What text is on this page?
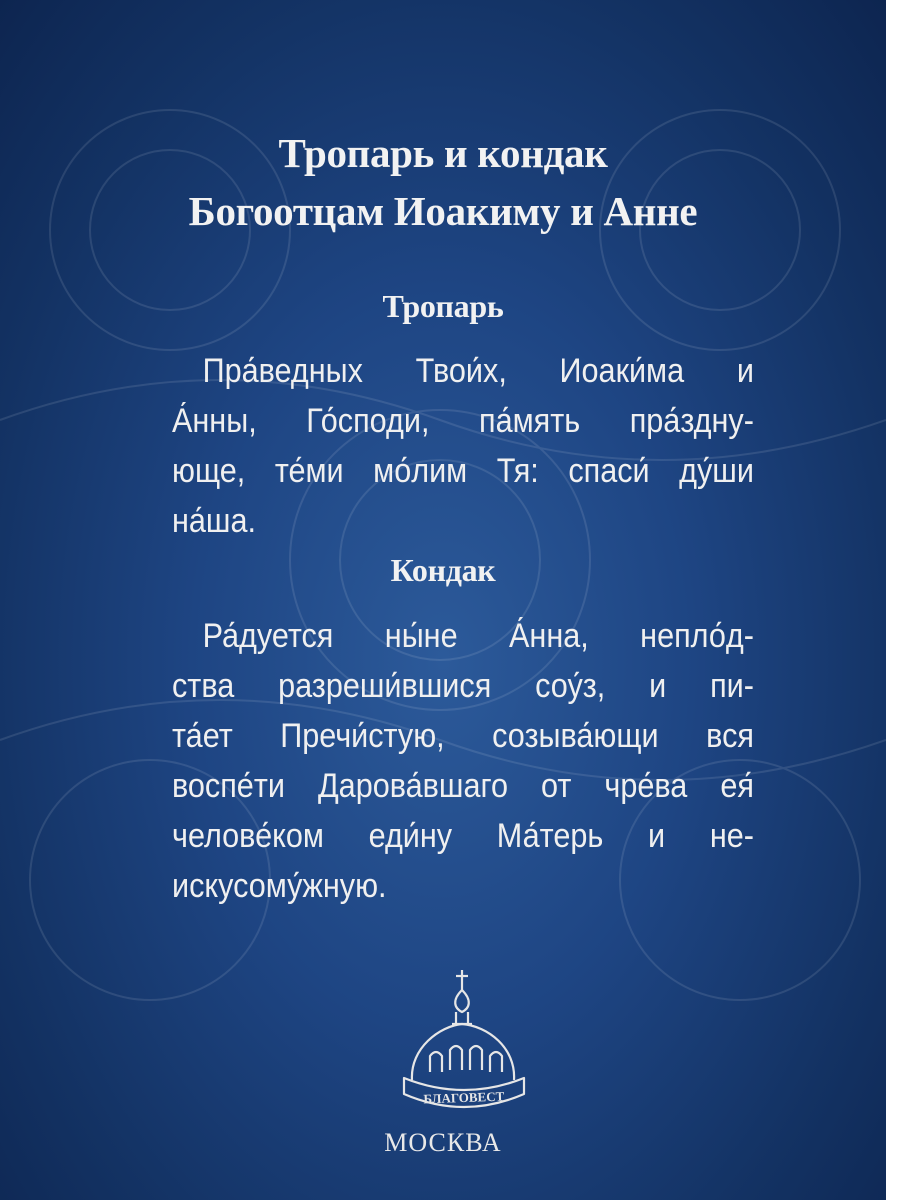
Тропарь и кондак
Богоотцам Иоакиму и Анне
Тропарь
Пра́ведных Твои́х, Иоаки́ма и
А́нны, Го́споди, па́мять пра́здну-
юще, те́ми мо́лим Тя: спаси́ ду́ши
на́ша.
Кондак
Ра́дуется ны́не А́нна, непло́д-
ства разреши́вшися соу́з, и пи-
та́ет Пречи́стую, созыва́ющи вся
воспе́ти Дарова́вшаго от чре́ва ея́
челове́ком еди́ну Ма́терь и не-
искусому́жную.
БЛАГОВЕСТ
МОСКВА
